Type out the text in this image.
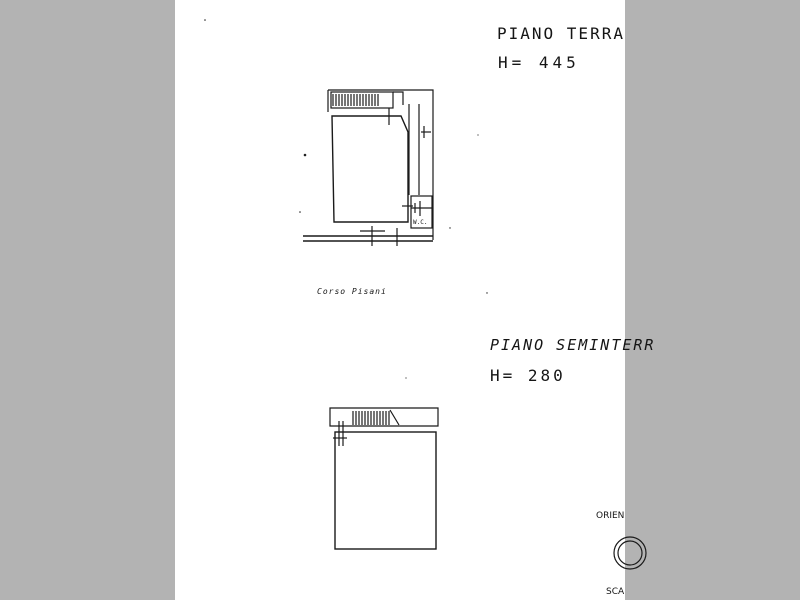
PIANO TERRA
H= 445
W.C.
Corso Pisani
PIANO SEMINTERR
H= 280
ORIEN
SCA
